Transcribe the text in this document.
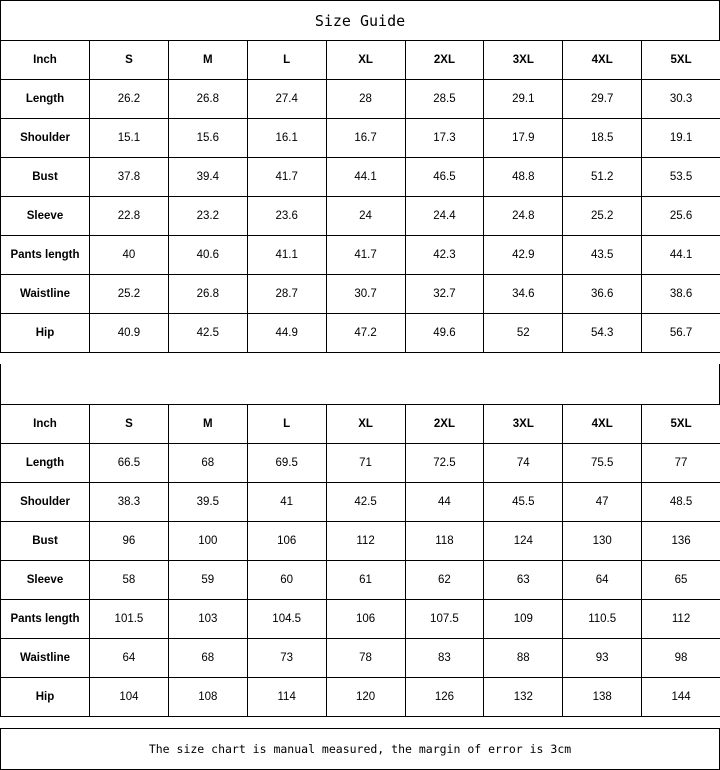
Size Guide
Inch	S	M	L	XL	2XL	3XL	4XL	5XL
Length	26.2	26.8	27.4	28	28.5	29.1	29.7	30.3
Shoulder	15.1	15.6	16.1	16.7	17.3	17.9	18.5	19.1
Bust	37.8	39.4	41.7	44.1	46.5	48.8	51.2	53.5
Sleeve	22.8	23.2	23.6	24	24.4	24.8	25.2	25.6
Pants length	40	40.6	41.1	41.7	42.3	42.9	43.5	44.1
Waistline	25.2	26.8	28.7	30.7	32.7	34.6	36.6	38.6
Hip	40.9	42.5	44.9	47.2	49.6	52	54.3	56.7
Inch	S	M	L	XL	2XL	3XL	4XL	5XL
Length	66.5	68	69.5	71	72.5	74	75.5	77
Shoulder	38.3	39.5	41	42.5	44	45.5	47	48.5
Bust	96	100	106	112	118	124	130	136
Sleeve	58	59	60	61	62	63	64	65
Pants length	101.5	103	104.5	106	107.5	109	110.5	112
Waistline	64	68	73	78	83	88	93	98
Hip	104	108	114	120	126	132	138	144
The size chart is manual measured, the margin of error is 3cm
